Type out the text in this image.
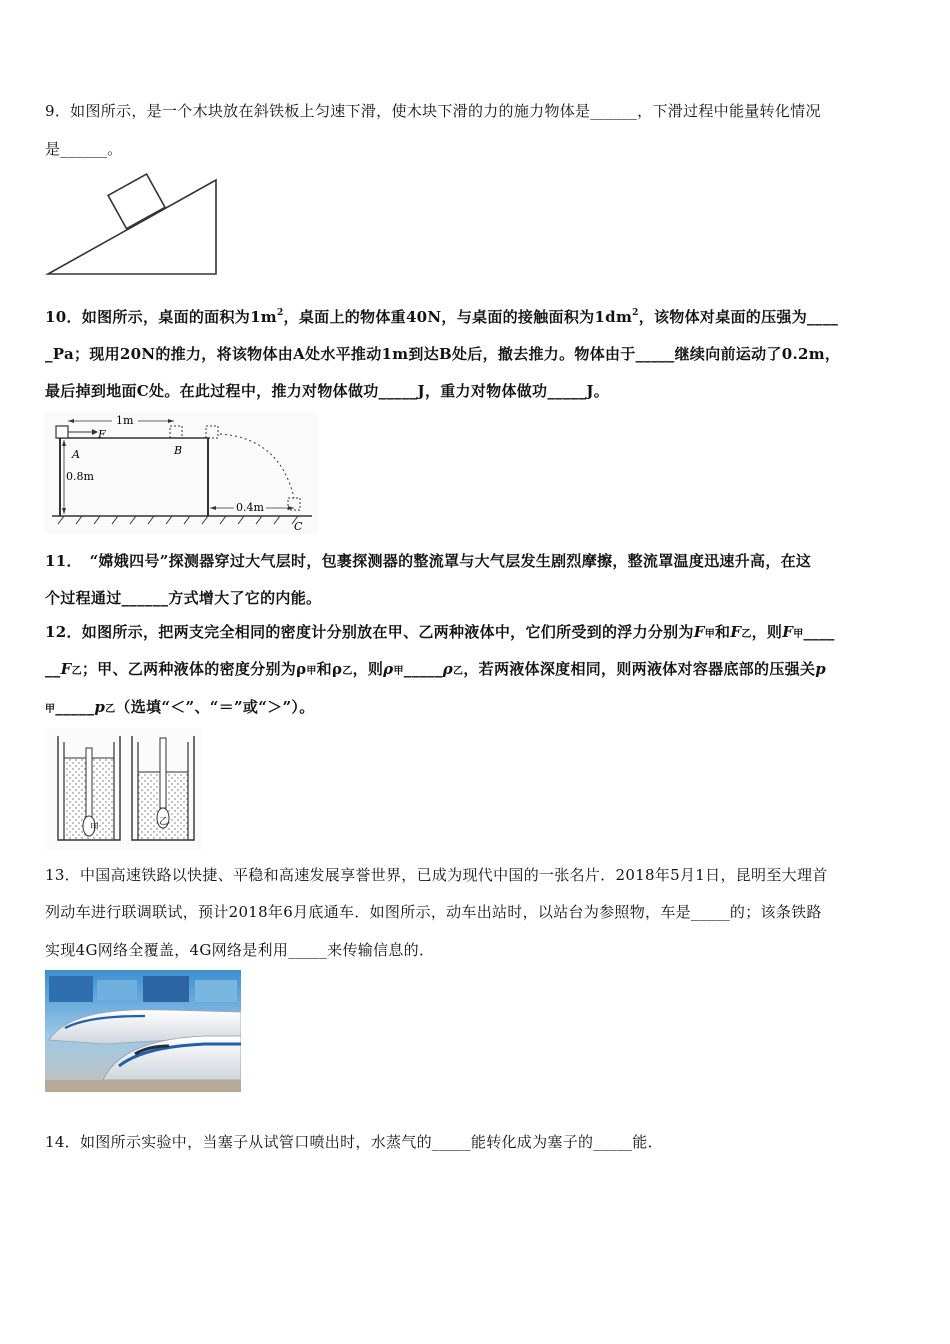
9．如图所示，是一个木块放在斜铁板上匀速下滑，使木块下滑的力的施力物体是______，下滑过程中能量转化情况
是______。
10．如图所示，桌面的面积为$1m^2$，桌面上的物体重40N，与桌面的接触面积为$1dm^2$，该物体对桌面的压强为____
_Pa；现用20N的推力，将该物体由A处水平推动1m到达B处后，撤去推力。物体由于_____继续向前运动了0.2m，
最后掉到地面C处。在此过程中，推力对物体做功_____J，重力对物体做功_____J。
F
1m
B
C
A
0.8m
0.4m
11．　“嫦娥四号”探测器穿过大气层时，包裹探测器的整流罩与大气层发生剧烈摩擦，整流罩温度迅速升高，在这
个过程通过______方式增大了它的内能。
12．如图所示，把两支完全相同的密度计分别放在甲、乙两种液体中，它们所受到的浮力分别为F甲和F乙，则F甲____
__F乙；甲、乙两种液体的密度分别为ρ甲和ρ乙，则ρ甲_____ρ乙，若两液体深度相同，则两液体对容器底部的压强关p
甲_____p乙（选填“＜”、“＝”或“＞”）。
甲
乙
13．中国高速铁路以快捷、平稳和高速发展享誉世界，已成为现代中国的一张名片．2018年5月1日，昆明至大理首
列动车进行联调联试，预计2018年6月底通车．如图所示，动车出站时，以站台为参照物，车是_____的；该条铁路
实现4G网络全覆盖，4G网络是利用_____来传输信息的．
14．如图所示实验中，当塞子从试管口喷出时，水蒸气的_____能转化成为塞子的_____能．
